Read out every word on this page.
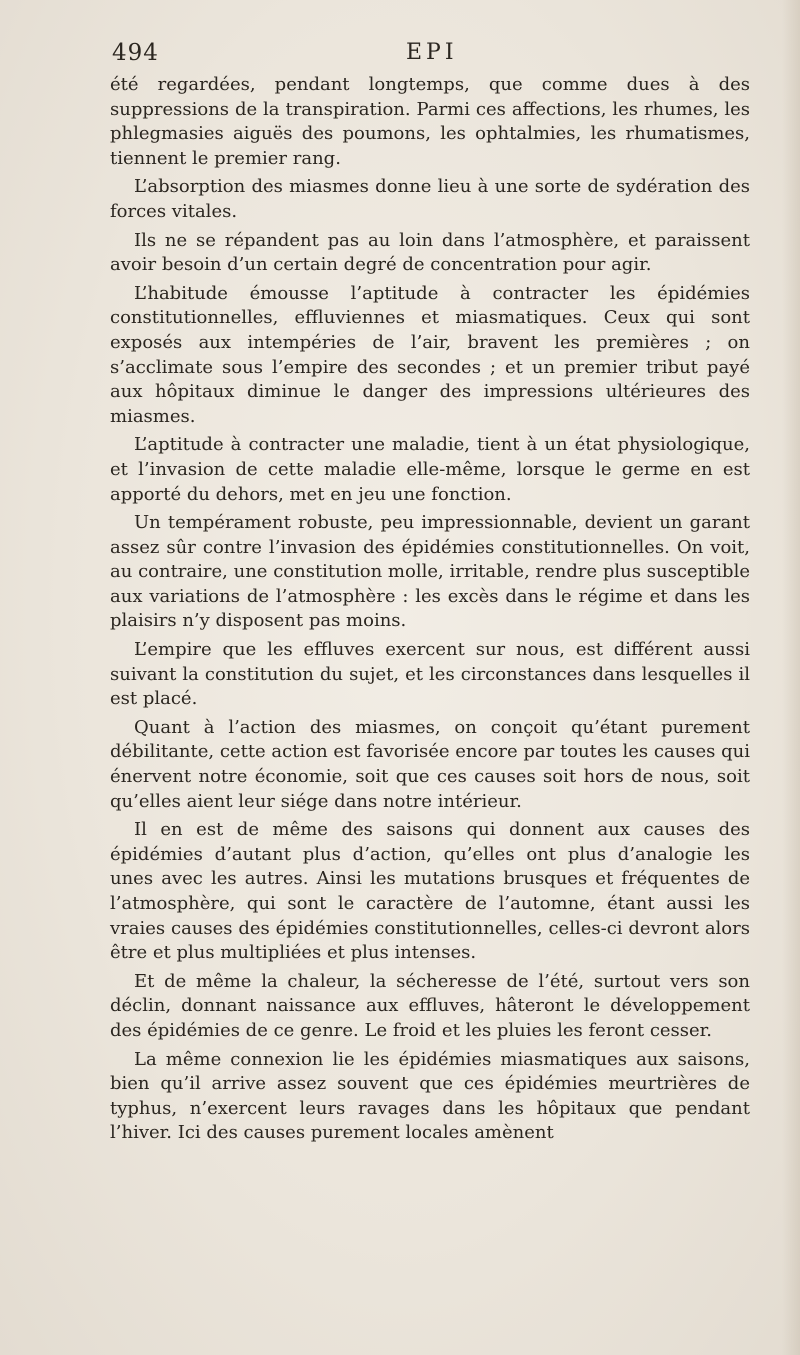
494	EPI

été regardées, pendant longtemps, que comme dues à des suppressions de la transpiration. Parmi ces affections, les rhumes, les phlegmasies aiguës des poumons, les ophtalmies, les rhumatismes, tiennent le premier rang.

L’absorption des miasmes donne lieu à une sorte de sydération des forces vitales.

Ils ne se répandent pas au loin dans l’atmosphère, et paraissent avoir besoin d’un certain degré de concentration pour agir.

L’habitude émousse l’aptitude à contracter les épidémies constitutionnelles, effluviennes et miasmatiques. Ceux qui sont exposés aux intempéries de l’air, bravent les premières ; on s’acclimate sous l’empire des secondes ; et un premier tribut payé aux hôpitaux diminue le danger des impressions ultérieures des miasmes.

L’aptitude à contracter une maladie, tient à un état physiologique, et l’invasion de cette maladie elle-même, lorsque le germe en est apporté du dehors, met en jeu une fonction.

Un tempérament robuste, peu impressionnable, devient un garant assez sûr contre l’invasion des épidémies constitutionnelles. On voit, au contraire, une constitution molle, irritable, rendre plus susceptible aux variations de l’atmosphère : les excès dans le régime et dans les plaisirs n’y disposent pas moins.

L’empire que les effluves exercent sur nous, est différent aussi suivant la constitution du sujet, et les circonstances dans lesquelles il est placé.

Quant à l’action des miasmes, on conçoit qu’étant purement débilitante, cette action est favorisée encore par toutes les causes qui énervent notre économie, soit que ces causes soit hors de nous, soit qu’elles aient leur siége dans notre intérieur.

Il en est de même des saisons qui donnent aux causes des épidémies d’autant plus d’action, qu’elles ont plus d’analogie les unes avec les autres. Ainsi les mutations brusques et fréquentes de l’atmosphère, qui sont le caractère de l’automne, étant aussi les vraies causes des épidémies constitutionnelles, celles-ci devront alors être et plus multipliées et plus intenses.

Et de même la chaleur, la sécheresse de l’été, surtout vers son déclin, donnant naissance aux effluves, hâteront le développement des épidémies de ce genre. Le froid et les pluies les feront cesser.

La même connexion lie les épidémies miasmatiques aux saisons, bien qu’il arrive assez souvent que ces épidémies meurtrières de typhus, n’exercent leurs ravages dans les hôpitaux que pendant l’hiver. Ici des causes purement locales amènent
